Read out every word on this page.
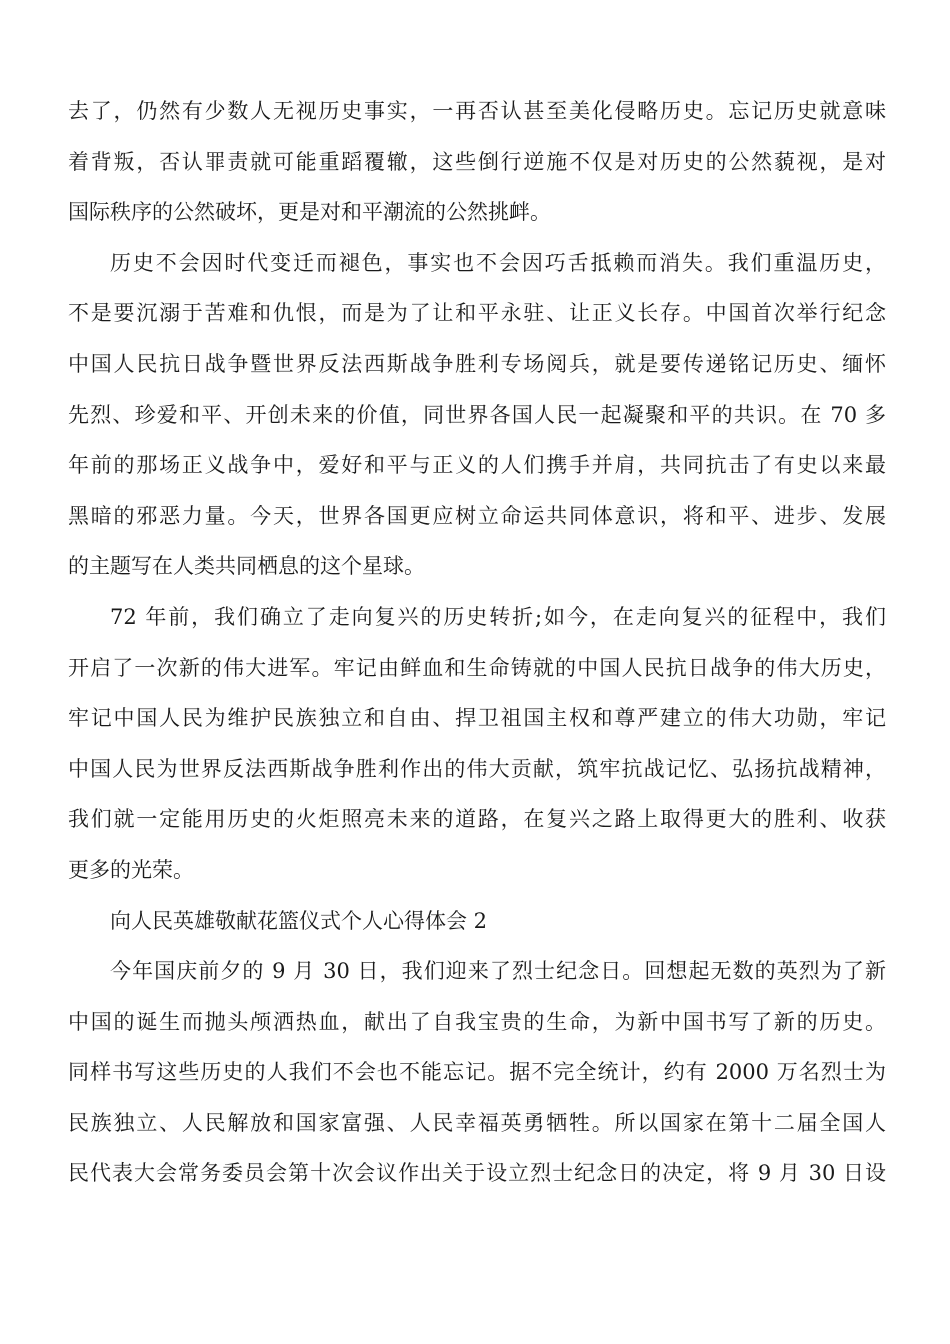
去了，仍然有少数人无视历史事实，一再否认甚至美化侵略历史。忘记历史就意味
着背叛，否认罪责就可能重蹈覆辙，这些倒行逆施不仅是对历史的公然藐视，是对
国际秩序的公然破坏，更是对和平潮流的公然挑衅。
历史不会因时代变迁而褪色，事实也不会因巧舌抵赖而消失。我们重温历史，
不是要沉溺于苦难和仇恨，而是为了让和平永驻、让正义长存。中国首次举行纪念
中国人民抗日战争暨世界反法西斯战争胜利专场阅兵，就是要传递铭记历史、缅怀
先烈、珍爱和平、开创未来的价值，同世界各国人民一起凝聚和平的共识。在 70 多
年前的那场正义战争中，爱好和平与正义的人们携手并肩，共同抗击了有史以来最
黑暗的邪恶力量。今天，世界各国更应树立命运共同体意识，将和平、进步、发展
的主题写在人类共同栖息的这个星球。
72 年前，我们确立了走向复兴的历史转折;如今，在走向复兴的征程中，我们
开启了一次新的伟大进军。牢记由鲜血和生命铸就的中国人民抗日战争的伟大历史，
牢记中国人民为维护民族独立和自由、捍卫祖国主权和尊严建立的伟大功勋，牢记
中国人民为世界反法西斯战争胜利作出的伟大贡献，筑牢抗战记忆、弘扬抗战精神，
我们就一定能用历史的火炬照亮未来的道路，在复兴之路上取得更大的胜利、收获
更多的光荣。
向人民英雄敬献花篮仪式个人心得体会 2
今年国庆前夕的 9 月 30 日，我们迎来了烈士纪念日。回想起无数的英烈为了新
中国的诞生而抛头颅洒热血，献出了自我宝贵的生命，为新中国书写了新的历史。
同样书写这些历史的人我们不会也不能忘记。据不完全统计，约有 2000 万名烈士为
民族独立、人民解放和国家富强、人民幸福英勇牺牲。所以国家在第十二届全国人
民代表大会常务委员会第十次会议作出关于设立烈士纪念日的决定，将 9 月 30 日设
